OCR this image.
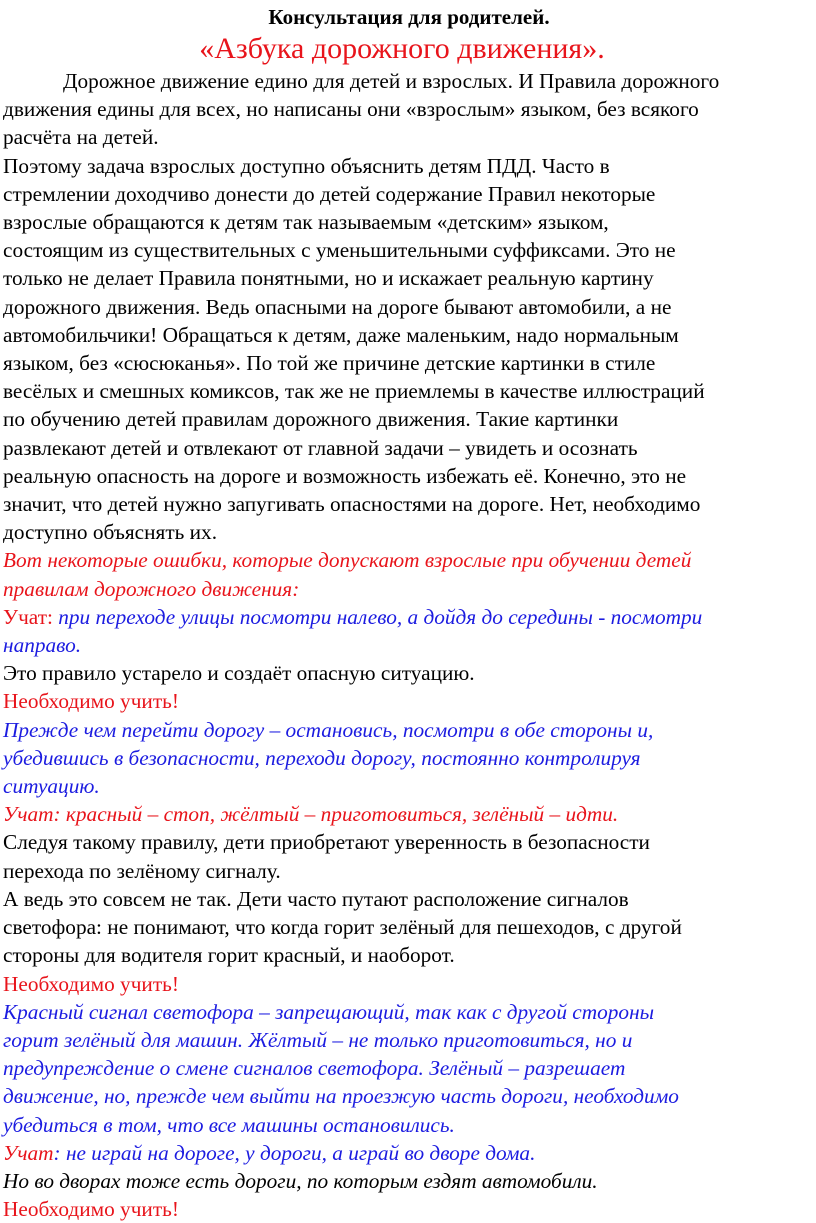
Консультация для родителей.
«Азбука дорожного движения».
Дорожное движение едино для детей и взрослых. И Правила дорожного
движения едины для всех, но написаны они «взрослым» языком, без всякого
расчёта на детей.
Поэтому задача взрослых доступно объяснить детям ПДД. Часто в
стремлении доходчиво донести до детей содержание Правил некоторые
взрослые обращаются к детям так называемым «детским» языком,
состоящим из существительных с уменьшительными суффиксами. Это не
только не делает Правила понятными, но и искажает реальную картину
дорожного движения. Ведь опасными на дороге бывают автомобили, а не
автомобильчики! Обращаться к детям, даже маленьким, надо нормальным
языком, без «сюсюканья». По той же причине детские картинки в стиле
весёлых и смешных комиксов, так же не приемлемы в качестве иллюстраций
по обучению детей правилам дорожного движения. Такие картинки
развлекают детей и отвлекают от главной задачи – увидеть и осознать
реальную опасность на дороге и возможность избежать её. Конечно, это не
значит, что детей нужно запугивать опасностями на дороге. Нет, необходимо
доступно объяснять их.
Вот некоторые ошибки, которые допускают взрослые при обучении детей
правилам дорожного движения:
Учат: при переходе улицы посмотри налево, а дойдя до середины - посмотри
направо.
Это правило устарело и создаёт опасную ситуацию.
Необходимо учить!
Прежде чем перейти дорогу – остановись, посмотри в обе стороны и,
убедившись в безопасности, переходи дорогу, постоянно контролируя
ситуацию.
Учат: красный – стоп, жёлтый – приготовиться, зелёный – идти.
Следуя такому правилу, дети приобретают уверенность в безопасности
перехода по зелёному сигналу.
А ведь это совсем не так. Дети часто путают расположение сигналов
светофора: не понимают, что когда горит зелёный для пешеходов, с другой
стороны для водителя горит красный, и наоборот.
Необходимо учить!
Красный сигнал светофора – запрещающий, так как с другой стороны
горит зелёный для машин. Жёлтый – не только приготовиться, но и
предупреждение о смене сигналов светофора. Зелёный – разрешает
движение, но, прежде чем выйти на проезжую часть дороги, необходимо
убедиться в том, что все машины остановились.
Учат: не играй на дороге, у дороги, а играй во дворе дома.
Но во дворах тоже есть дороги, по которым ездят автомобили.
Необходимо учить!
